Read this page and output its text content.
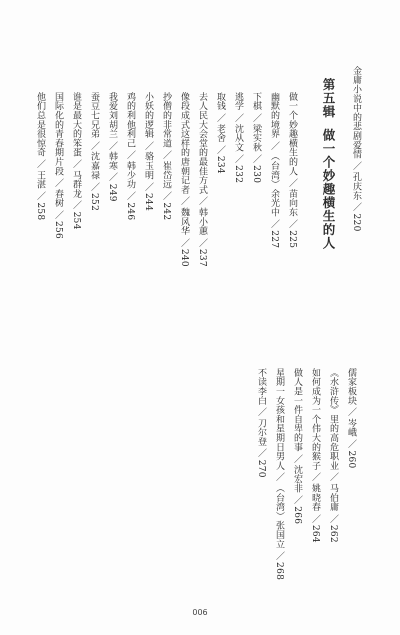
金庸小说中的悲剧爱情／孔庆东／220
第五辑做一个妙趣横生的人
做一个妙趣横生的人／苗向东／225
幽默的境界／（台湾）余光中／227
下棋／梁实秋／230
逃学／沈从文／232
取钱／老舍／234
去人民大会堂的最佳方式／韩小蕙／237
像段成式这样的唐朝记者／魏风华／240
抄僧的非常道／崔岱远／242
小妖的逻辑／骆玉明／244
鸡的利他利己／韩少功／246
我爱刘胡兰／韩寒／249
蚕豆七兄弟／沈嘉禄／252
谁是最大的笨蛋／马群龙／254
国际化的青春期片段／春树／256
他们总是很惊奇／王湛／258
儒家板块／岑峨／260
《水浒传》里的高危职业／马伯庸／262
如何成为一个伟大的猴子／姚晓春／264
做人是一件自卑的事／沈宏非／266
星期一女孩和星期日男人／（台湾）张国立／268
不读李白／刀尔登／270
006
